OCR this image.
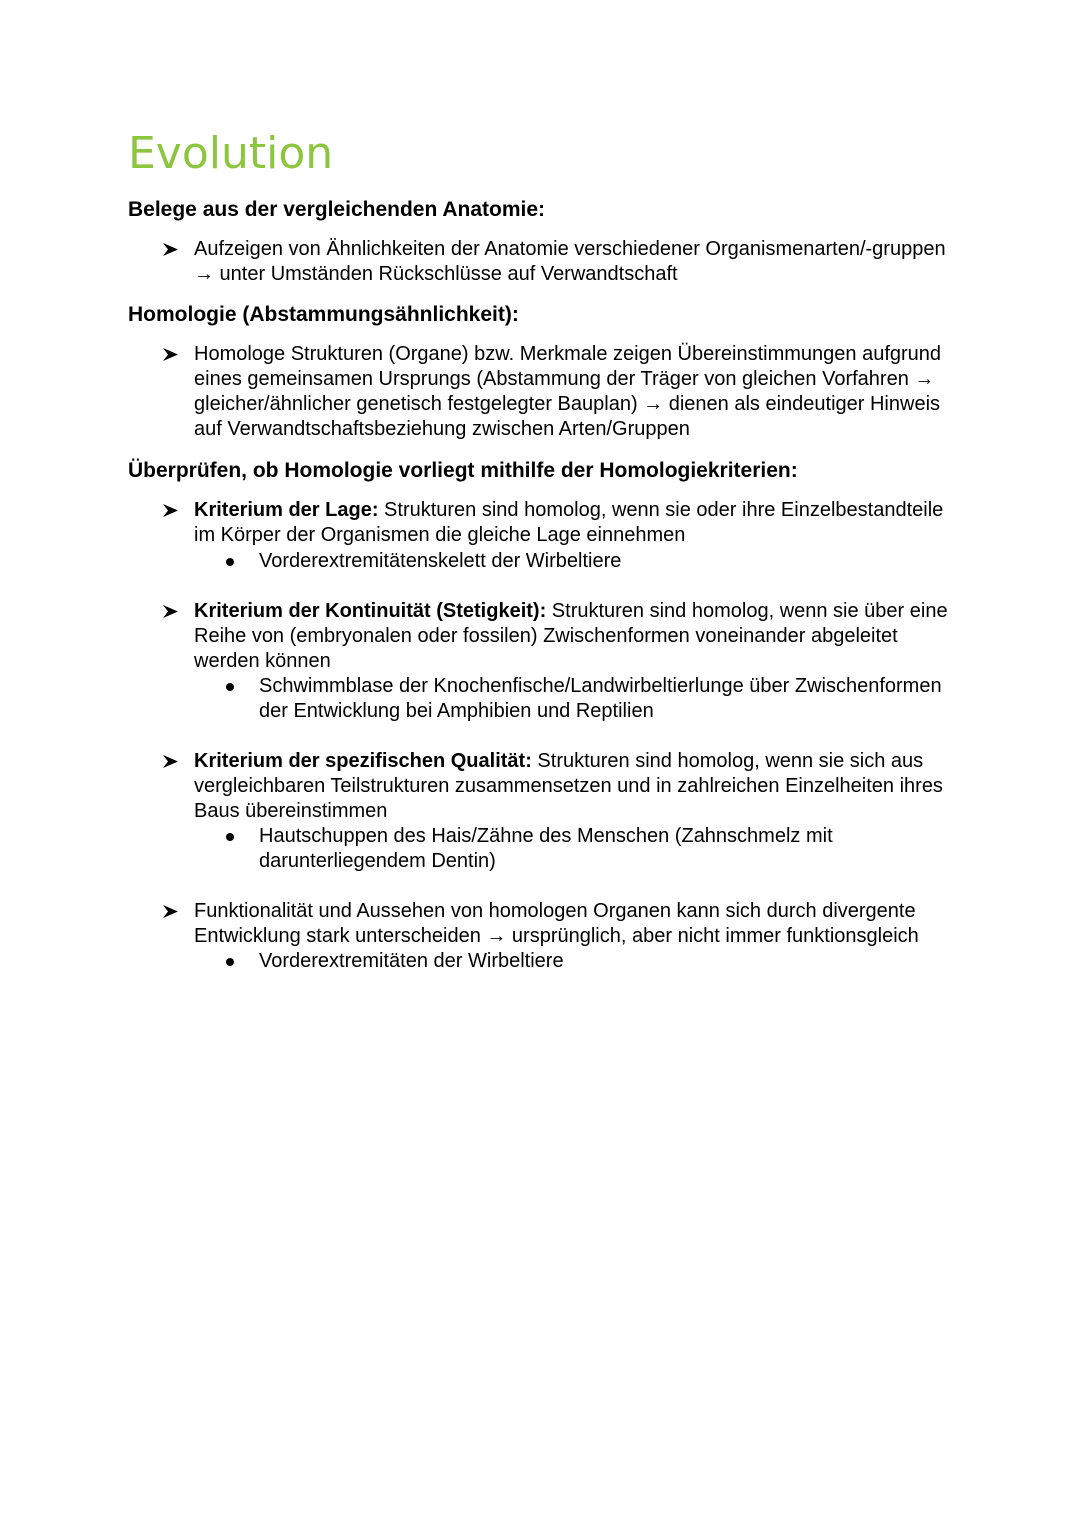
Evolution
Belege aus der vergleichenden Anatomie:
Aufzeigen von Ähnlichkeiten der Anatomie verschiedener Organismenarten/-gruppen
→ unter Umständen Rückschlüsse auf Verwandtschaft
Homologie (Abstammungsähnlichkeit):
Homologe Strukturen (Organe) bzw. Merkmale zeigen Übereinstimmungen aufgrund
eines gemeinsamen Ursprungs (Abstammung der Träger von gleichen Vorfahren →
gleicher/ähnlicher genetisch festgelegter Bauplan) → dienen als eindeutiger Hinweis
auf Verwandtschaftsbeziehung zwischen Arten/Gruppen
Überprüfen, ob Homologie vorliegt mithilfe der Homologiekriterien:
Kriterium der Lage: Strukturen sind homolog, wenn sie oder ihre Einzelbestandteile
im Körper der Organismen die gleiche Lage einnehmen
Vorderextremitätenskelett der Wirbeltiere
Kriterium der Kontinuität (Stetigkeit): Strukturen sind homolog, wenn sie über eine
Reihe von (embryonalen oder fossilen) Zwischenformen voneinander abgeleitet
werden können
Schwimmblase der Knochenfische/Landwirbeltierlunge über Zwischenformen
der Entwicklung bei Amphibien und Reptilien
Kriterium der spezifischen Qualität: Strukturen sind homolog, wenn sie sich aus
vergleichbaren Teilstrukturen zusammensetzen und in zahlreichen Einzelheiten ihres
Baus übereinstimmen
Hautschuppen des Hais/Zähne des Menschen (Zahnschmelz mit
darunterliegendem Dentin)
Funktionalität und Aussehen von homologen Organen kann sich durch divergente
Entwicklung stark unterscheiden → ursprünglich, aber nicht immer funktionsgleich
Vorderextremitäten der Wirbeltiere
